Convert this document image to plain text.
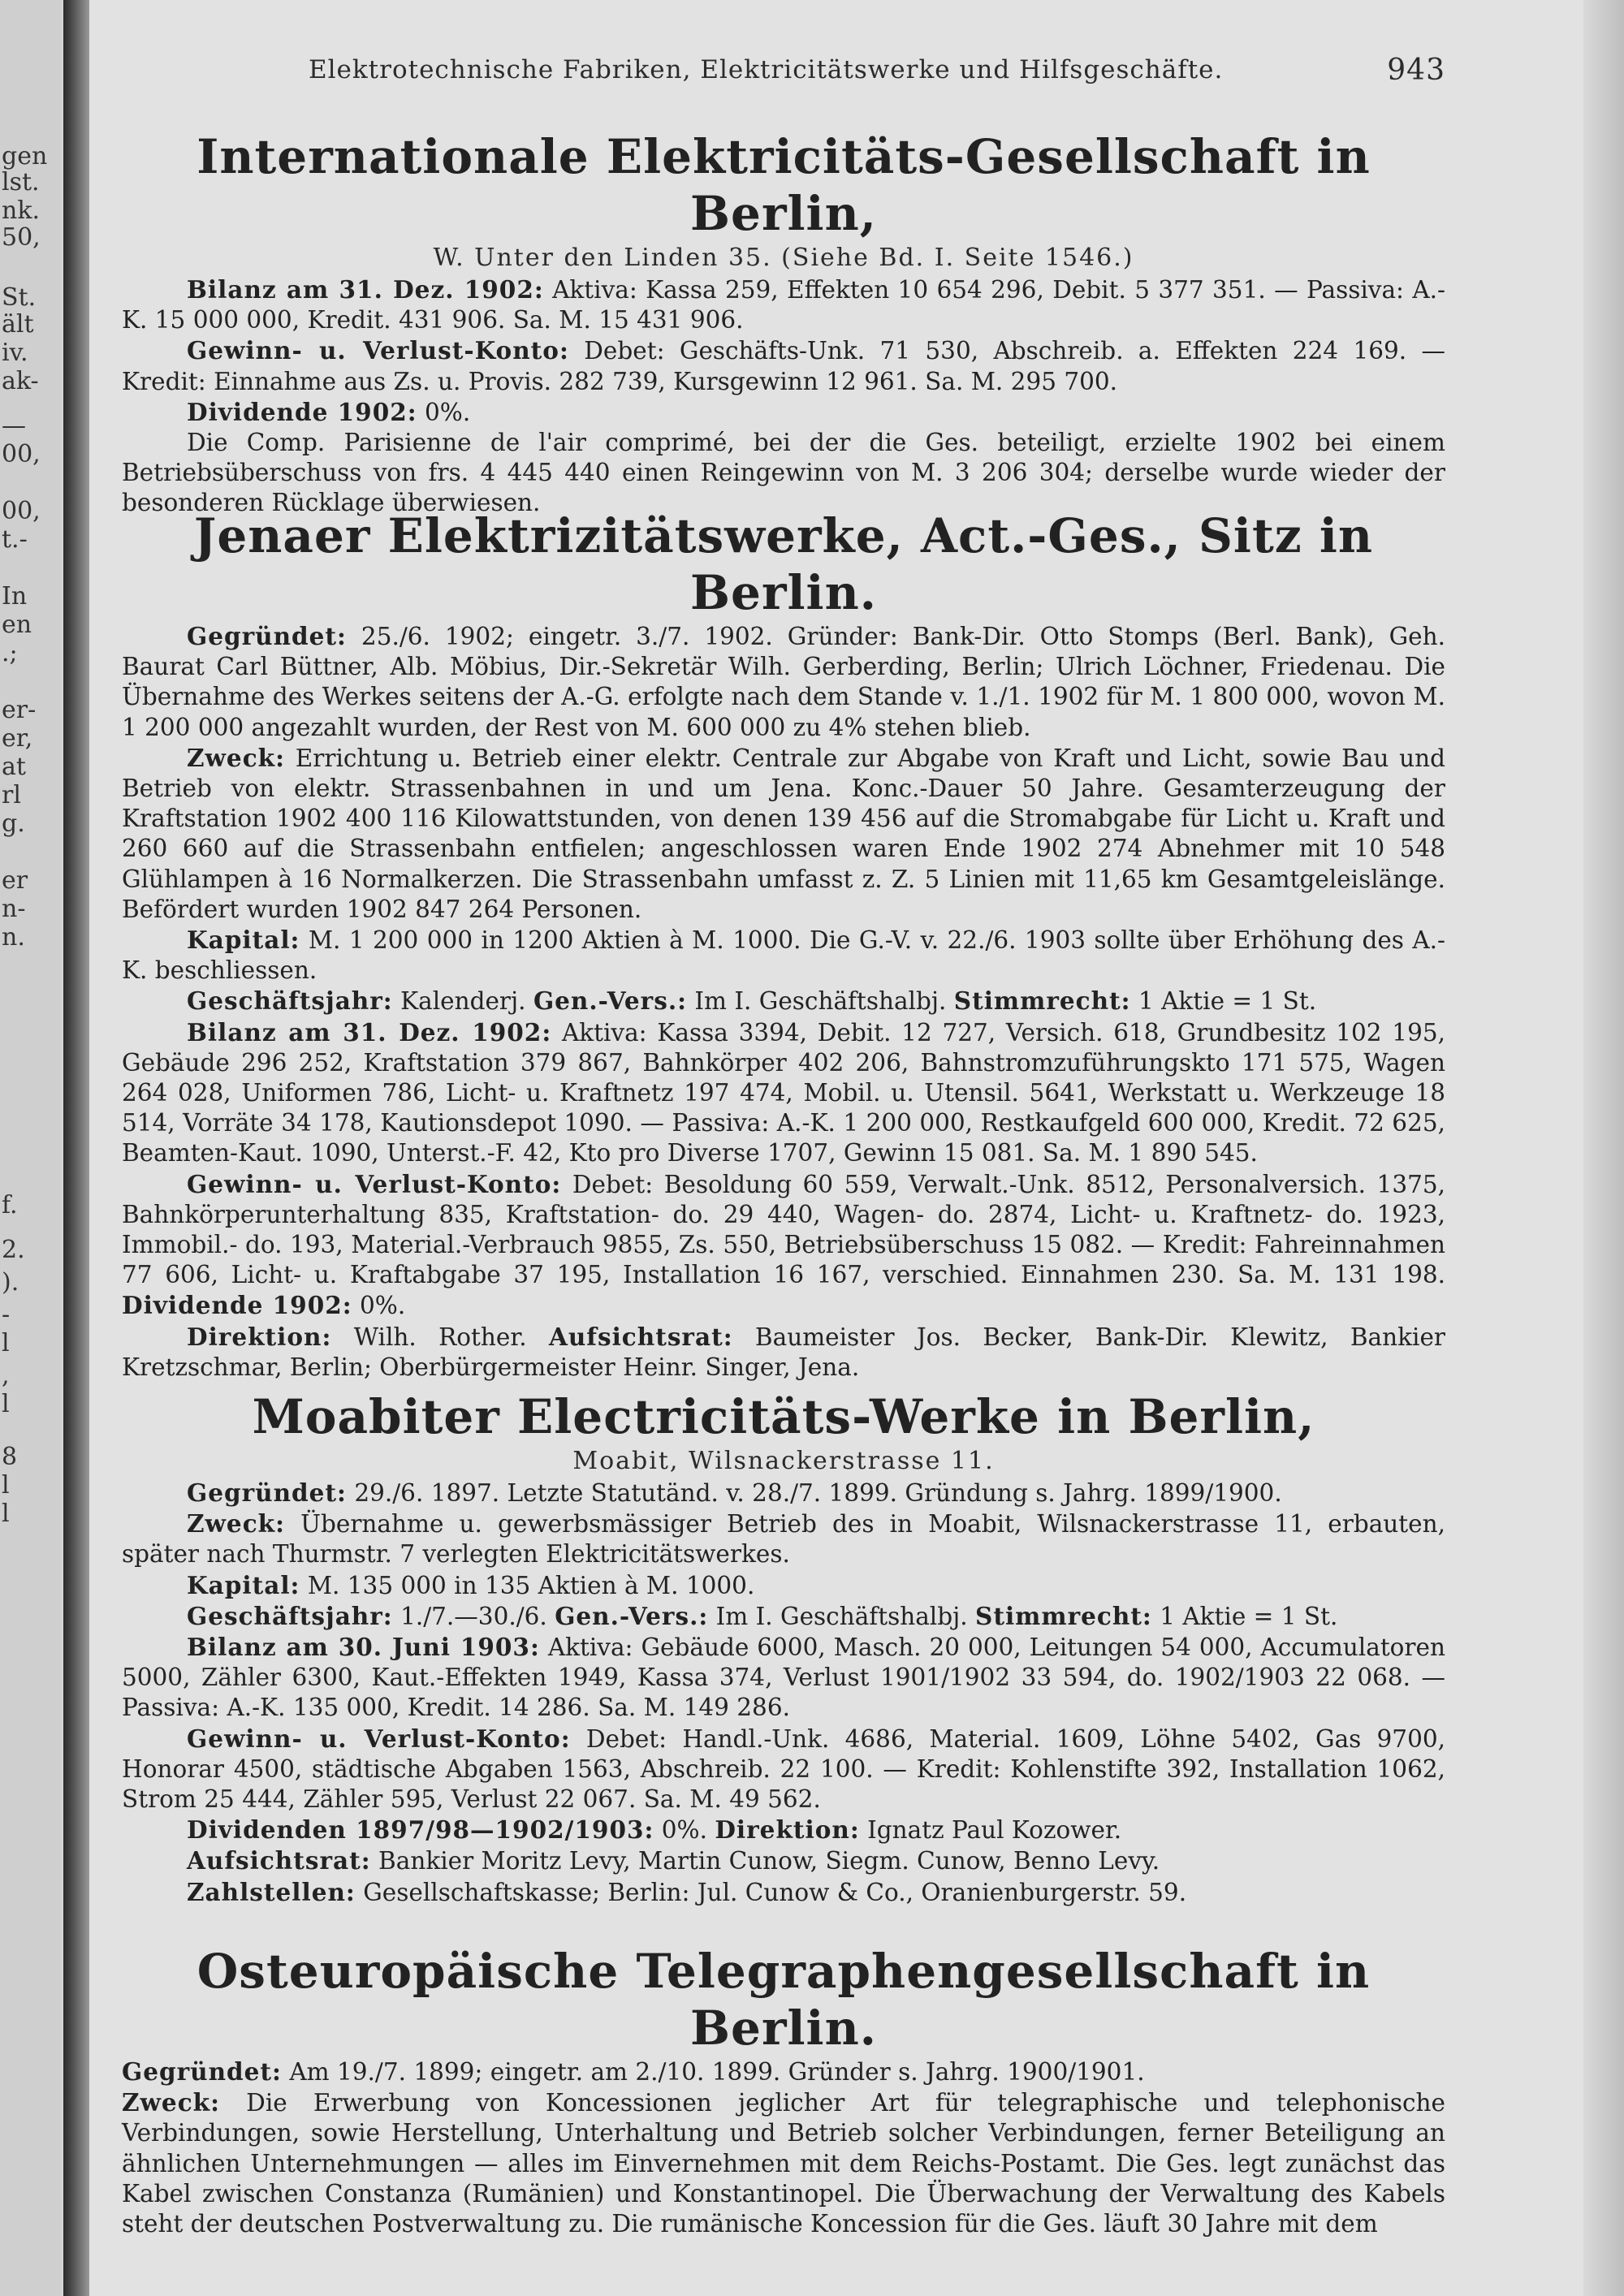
gen
lst.
nk.
50,
St.
ält
iv.
ak-
—
00,
00,
t.-
In
en
.;
er-
er,
at
rl
g.
er
n-
n.
f.
2.
).
-
l
,
l
8
l
l
Elektrotechnische Fabriken, Elektricitätswerke und Hilfsgeschäfte.	943
Internationale Elektricitäts-Gesellschaft in Berlin,
W. Unter den Linden 35. (Siehe Bd. I. Seite 1546.)

Bilanz am 31. Dez. 1902: Aktiva: Kassa 259, Effekten 10 654 296, Debit. 5 377 351. — Passiva: A.-K. 15 000 000, Kredit. 431 906. Sa. M. 15 431 906.

Gewinn- u. Verlust-Konto: Debet: Geschäfts-Unk. 71 530, Abschreib. a. Effekten 224 169. — Kredit: Einnahme aus Zs. u. Provis. 282 739, Kursgewinn 12 961. Sa. M. 295 700.

Dividende 1902: 0%.

Die Comp. Parisienne de l'air comprimé, bei der die Ges. beteiligt, erzielte 1902 bei einem Betriebsüberschuss von frs. 4 445 440 einen Reingewinn von M. 3 206 304; derselbe wurde wieder der besonderen Rücklage überwiesen.

Jenaer Elektrizitätswerke, Act.-Ges., Sitz in Berlin.

Gegründet: 25./6. 1902; eingetr. 3./7. 1902. Gründer: Bank-Dir. Otto Stomps (Berl. Bank), Geh. Baurat Carl Büttner, Alb. Möbius, Dir.-Sekretär Wilh. Gerberding, Berlin; Ulrich Löchner, Friedenau. Die Übernahme des Werkes seitens der A.-G. erfolgte nach dem Stande v. 1./1. 1902 für M. 1 800 000, wovon M. 1 200 000 angezahlt wurden, der Rest von M. 600 000 zu 4% stehen blieb.

Zweck: Errichtung u. Betrieb einer elektr. Centrale zur Abgabe von Kraft und Licht, sowie Bau und Betrieb von elektr. Strassenbahnen in und um Jena. Konc.-Dauer 50 Jahre. Gesamterzeugung der Kraftstation 1902 400 116 Kilowattstunden, von denen 139 456 auf die Stromabgabe für Licht u. Kraft und 260 660 auf die Strassenbahn entfielen; angeschlossen waren Ende 1902 274 Abnehmer mit 10 548 Glühlampen à 16 Normalkerzen. Die Strassenbahn umfasst z. Z. 5 Linien mit 11,65 km Gesamtgeleislänge. Befördert wurden 1902 847 264 Personen.

Kapital: M. 1 200 000 in 1200 Aktien à M. 1000. Die G.-V. v. 22./6. 1903 sollte über Erhöhung des A.-K. beschliessen.

Geschäftsjahr: Kalenderj. Gen.-Vers.: Im I. Geschäftshalbj. Stimmrecht: 1 Aktie = 1 St.

Bilanz am 31. Dez. 1902: Aktiva: Kassa 3394, Debit. 12 727, Versich. 618, Grundbesitz 102 195, Gebäude 296 252, Kraftstation 379 867, Bahnkörper 402 206, Bahnstromzuführungskto 171 575, Wagen 264 028, Uniformen 786, Licht- u. Kraftnetz 197 474, Mobil. u. Utensil. 5641, Werkstatt u. Werkzeuge 18 514, Vorräte 34 178, Kautionsdepot 1090. — Passiva: A.-K. 1 200 000, Restkaufgeld 600 000, Kredit. 72 625, Beamten-Kaut. 1090, Unterst.-F. 42, Kto pro Diverse 1707, Gewinn 15 081. Sa. M. 1 890 545.

Gewinn- u. Verlust-Konto: Debet: Besoldung 60 559, Verwalt.-Unk. 8512, Personalversich. 1375, Bahnkörperunterhaltung 835, Kraftstation- do. 29 440, Wagen- do. 2874, Licht- u. Kraftnetz- do. 1923, Immobil.- do. 193, Material.-Verbrauch 9855, Zs. 550, Betriebsüberschuss 15 082. — Kredit: Fahreinnahmen 77 606, Licht- u. Kraftabgabe 37 195, Installation 16 167, verschied. Einnahmen 230. Sa. M. 131 198. Dividende 1902: 0%.

Direktion: Wilh. Rother. Aufsichtsrat: Baumeister Jos. Becker, Bank-Dir. Klewitz, Bankier Kretzschmar, Berlin; Oberbürgermeister Heinr. Singer, Jena.

Moabiter Electricitäts-Werke in Berlin,
Moabit, Wilsnackerstrasse 11.

Gegründet: 29./6. 1897. Letzte Statutänd. v. 28./7. 1899. Gründung s. Jahrg. 1899/1900.

Zweck: Übernahme u. gewerbsmässiger Betrieb des in Moabit, Wilsnackerstrasse 11, erbauten, später nach Thurmstr. 7 verlegten Elektricitätswerkes.

Kapital: M. 135 000 in 135 Aktien à M. 1000.

Geschäftsjahr: 1./7.—30./6. Gen.-Vers.: Im I. Geschäftshalbj. Stimmrecht: 1 Aktie = 1 St.

Bilanz am 30. Juni 1903: Aktiva: Gebäude 6000, Masch. 20 000, Leitungen 54 000, Accumulatoren 5000, Zähler 6300, Kaut.-Effekten 1949, Kassa 374, Verlust 1901/1902 33 594, do. 1902/1903 22 068. — Passiva: A.-K. 135 000, Kredit. 14 286. Sa. M. 149 286.

Gewinn- u. Verlust-Konto: Debet: Handl.-Unk. 4686, Material. 1609, Löhne 5402, Gas 9700, Honorar 4500, städtische Abgaben 1563, Abschreib. 22 100. — Kredit: Kohlenstifte 392, Installation 1062, Strom 25 444, Zähler 595, Verlust 22 067. Sa. M. 49 562.

Dividenden 1897/98—1902/1903: 0%. Direktion: Ignatz Paul Kozower.

Aufsichtsrat: Bankier Moritz Levy, Martin Cunow, Siegm. Cunow, Benno Levy.

Zahlstellen: Gesellschaftskasse; Berlin: Jul. Cunow & Co., Oranienburgerstr. 59.

Osteuropäische Telegraphengesellschaft in Berlin.

Gegründet: Am 19./7. 1899; eingetr. am 2./10. 1899. Gründer s. Jahrg. 1900/1901.

Zweck: Die Erwerbung von Koncessionen jeglicher Art für telegraphische und telephonische Verbindungen, sowie Herstellung, Unterhaltung und Betrieb solcher Verbindungen, ferner Beteiligung an ähnlichen Unternehmungen — alles im Einvernehmen mit dem Reichs-Postamt. Die Ges. legt zunächst das Kabel zwischen Constanza (Rumänien) und Konstantinopel. Die Überwachung der Verwaltung des Kabels steht der deutschen Postverwaltung zu. Die rumänische Koncession für die Ges. läuft 30 Jahre mit dem
